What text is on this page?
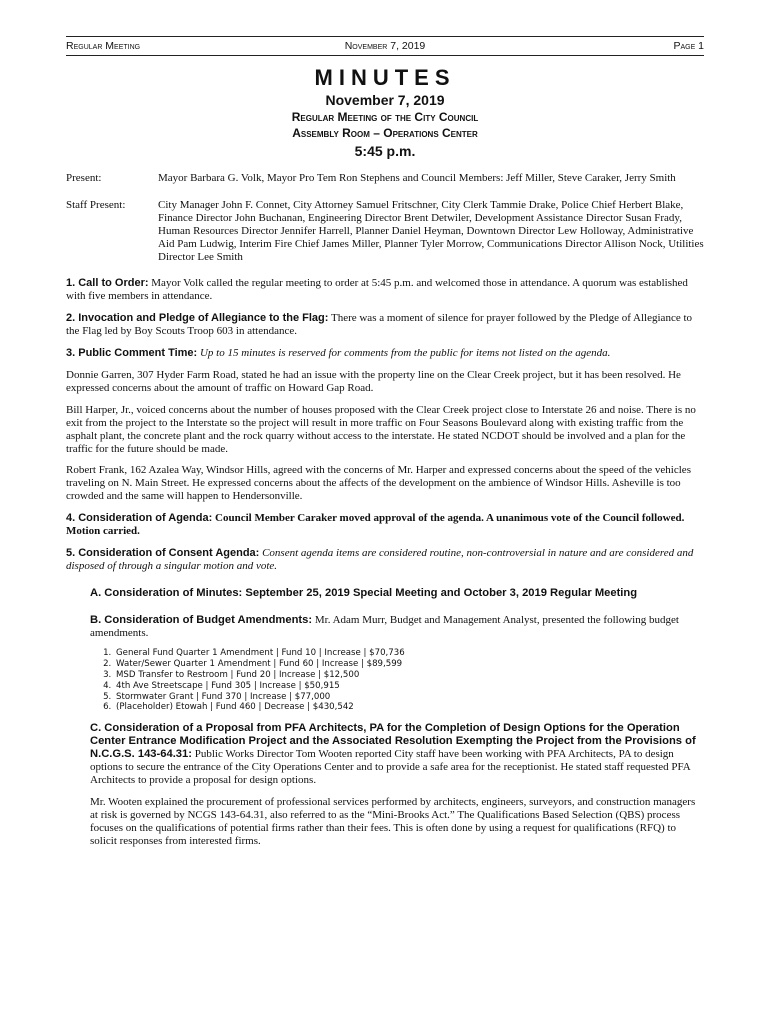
Regular Meeting	November 7, 2019	Page 1
MINUTES
November 7, 2019
Regular Meeting of the City Council
Assembly Room – Operations Center
5:45 p.m.
Present:	Mayor Barbara G. Volk, Mayor Pro Tem Ron Stephens and Council Members: Jeff Miller, Steve Caraker, Jerry Smith
Staff Present:	City Manager John F. Connet, City Attorney Samuel Fritschner, City Clerk Tammie Drake, Police Chief Herbert Blake, Finance Director John Buchanan, Engineering Director Brent Detwiler, Development Assistance Director Susan Frady, Human Resources Director Jennifer Harrell, Planner Daniel Heyman, Downtown Director Lew Holloway, Administrative Aid Pam Ludwig, Interim Fire Chief James Miller, Planner Tyler Morrow, Communications Director Allison Nock, Utilities Director Lee Smith

1. Call to Order: Mayor Volk called the regular meeting to order at 5:45 p.m. and welcomed those in attendance. A quorum was established with five members in attendance.

2. Invocation and Pledge of Allegiance to the Flag: There was a moment of silence for prayer followed by the Pledge of Allegiance to the Flag led by Boy Scouts Troop 603 in attendance.

3. Public Comment Time: Up to 15 minutes is reserved for comments from the public for items not listed on the agenda.

Donnie Garren, 307 Hyder Farm Road, stated he had an issue with the property line on the Clear Creek project, but it has been resolved. He expressed concerns about the amount of traffic on Howard Gap Road.

Bill Harper, Jr., voiced concerns about the number of houses proposed with the Clear Creek project close to Interstate 26 and noise. There is no exit from the project to the Interstate so the project will result in more traffic on Four Seasons Boulevard along with existing traffic from the asphalt plant, the concrete plant and the rock quarry without access to the interstate. He stated NCDOT should be involved and a plan for the traffic for the future should be made.

Robert Frank, 162 Azalea Way, Windsor Hills, agreed with the concerns of Mr. Harper and expressed concerns about the speed of the vehicles traveling on N. Main Street. He expressed concerns about the affects of the development on the ambience of Windsor Hills. Asheville is too crowded and the same will happen to Hendersonville.

4. Consideration of Agenda: Council Member Caraker moved approval of the agenda. A unanimous vote of the Council followed. Motion carried.

5. Consideration of Consent Agenda: Consent agenda items are considered routine, non-controversial in nature and are considered and disposed of through a singular motion and vote.

A. Consideration of Minutes: September 25, 2019 Special Meeting and October 3, 2019 Regular Meeting

B. Consideration of Budget Amendments: Mr. Adam Murr, Budget and Management Analyst, presented the following budget amendments.

1. General Fund Quarter 1 Amendment | Fund 10 | Increase | $70,736
2. Water/Sewer Quarter 1 Amendment | Fund 60 | Increase | $89,599
3. MSD Transfer to Restroom | Fund 20 | Increase | $12,500
4. 4th Ave Streetscape | Fund 305 | Increase | $50,915
5. Stormwater Grant | Fund 370 | Increase | $77,000
6. (Placeholder) Etowah | Fund 460 | Decrease | $430,542

C. Consideration of a Proposal from PFA Architects, PA for the Completion of Design Options for the Operation Center Entrance Modification Project and the Associated Resolution Exempting the Project from the Provisions of N.C.G.S. 143-64.31: Public Works Director Tom Wooten reported City staff have been working with PFA Architects, PA to design options to secure the entrance of the City Operations Center and to provide a safe area for the receptionist. He stated staff requested PFA Architects to provide a proposal for design options.

Mr. Wooten explained the procurement of professional services performed by architects, engineers, surveyors, and construction managers at risk is governed by NCGS 143-64.31, also referred to as the “Mini-Brooks Act.” The Qualifications Based Selection (QBS) process focuses on the qualifications of potential firms rather than their fees. This is often done by using a request for qualifications (RFQ) to solicit responses from interested firms.
